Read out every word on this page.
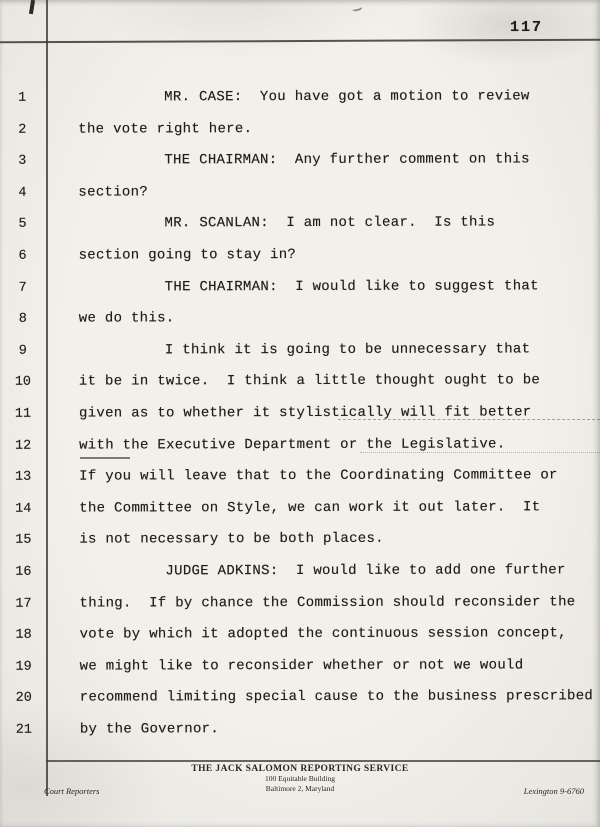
117
1	MR. CASE:  You have got a motion to review
2	the vote right here.
3	THE CHAIRMAN:  Any further comment on this
4	section?
5	MR. SCANLAN:  I am not clear.  Is this
6	section going to stay in?
7	THE CHAIRMAN:  I would like to suggest that
8	we do this.
9	I think it is going to be unnecessary that
10	it be in twice.  I think a little thought ought to be
11	given as to whether it stylistically will fit better
12	with the Executive Department or the Legislative.
13	If you will leave that to the Coordinating Committee or
14	the Committee on Style, we can work it out later.  It
15	is not necessary to be both places.
16	JUDGE ADKINS:  I would like to add one further
17	thing.  If by chance the Commission should reconsider the
18	vote by which it adopted the continuous session concept,
19	we might like to reconsider whether or not we would
20	recommend limiting special cause to the business prescribed
21	by the Governor.
THE JACK SALOMON REPORTING SERVICE
100 Equitable Building
Baltimore 2, Maryland
Court Reporters	Lexington 9-6760
